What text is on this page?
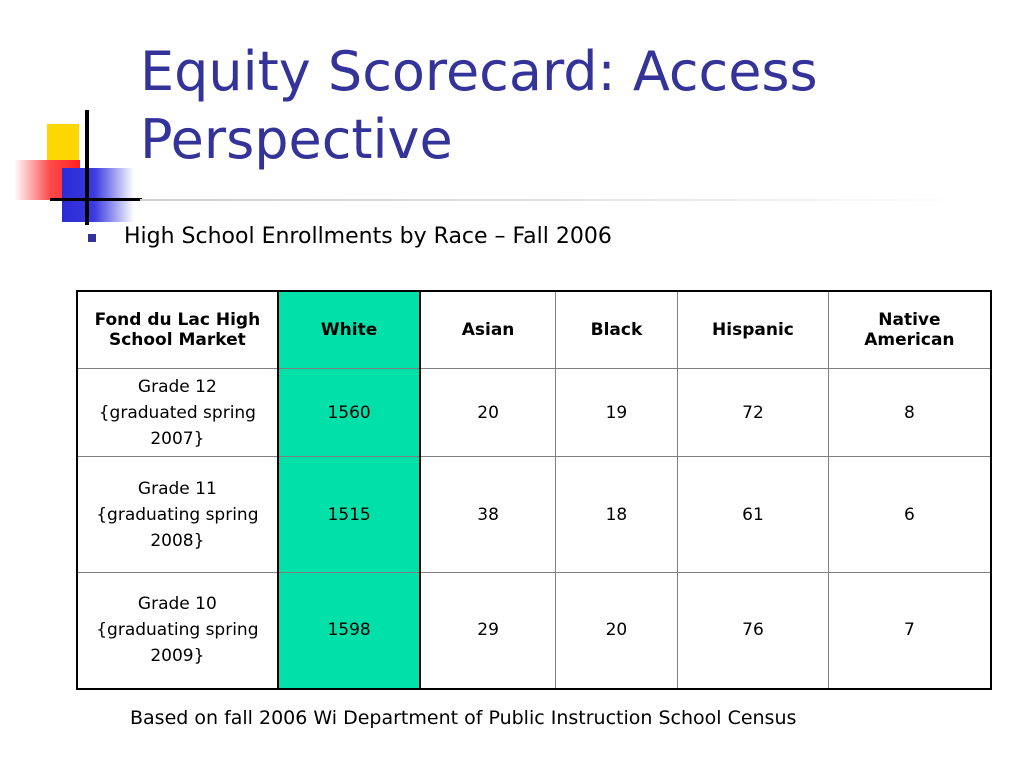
Equity Scorecard: Access
Perspective
High School Enrollments by Race – Fall 2006
Fond du Lac High School Market	White	Asian	Black	Hispanic	Native American

Grade 12
{graduated spring 2007}	1560	20	19	72	8

Grade 11
{graduating spring 2008}	1515	38	18	61	6

Grade 10
{graduating spring 2009}	1598	29	20	76	7
Based on fall 2006 Wi Department of Public Instruction School Census
